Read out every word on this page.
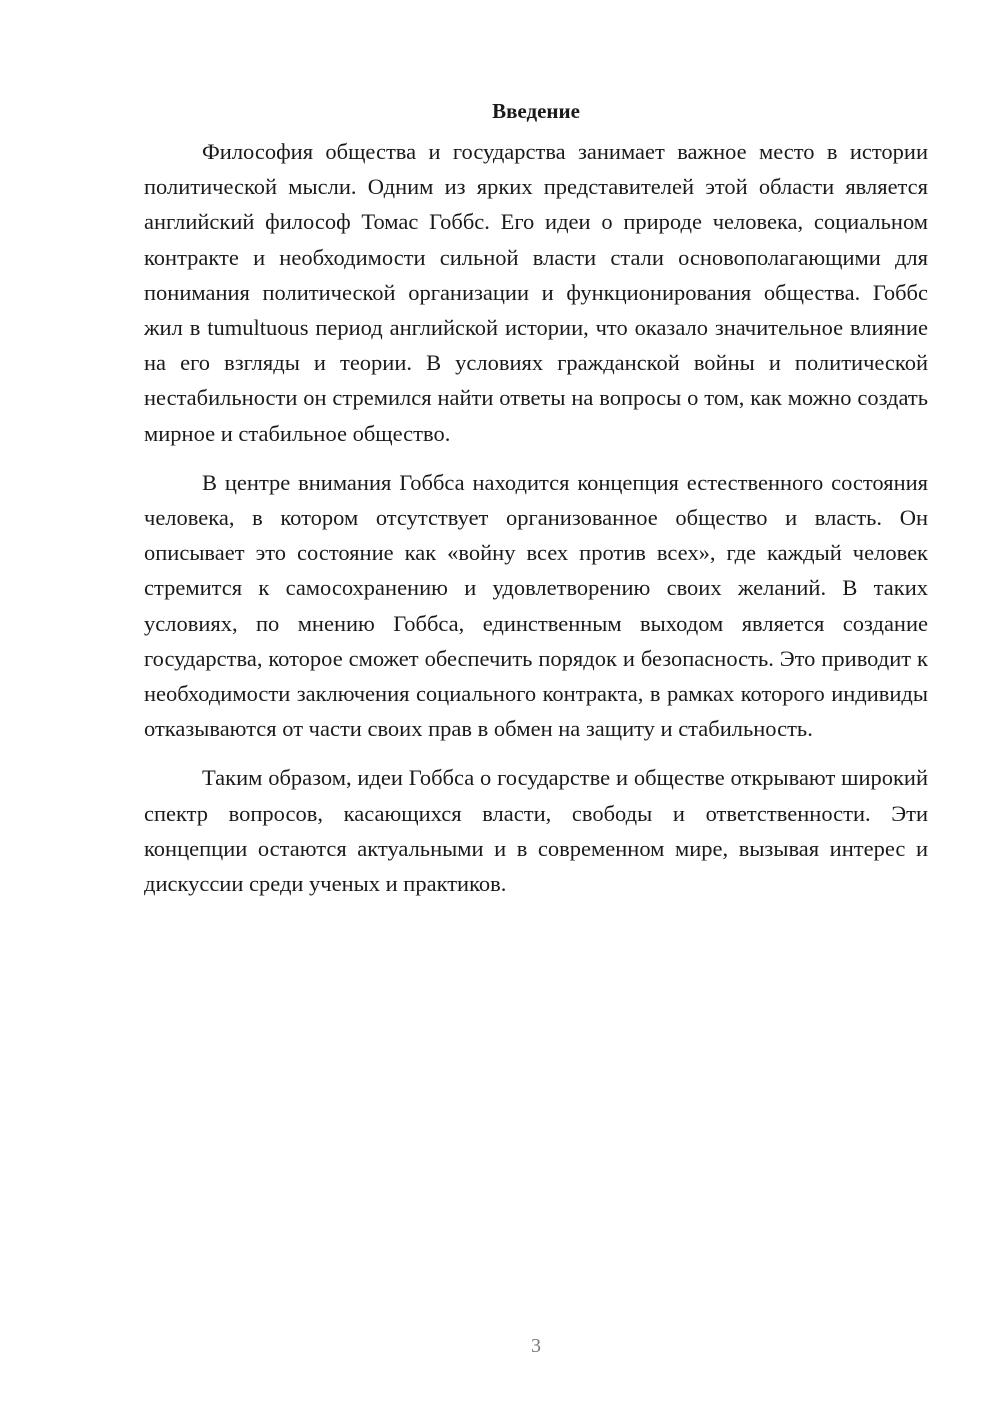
Введение

Философия общества и государства занимает важное место в истории политической мысли. Одним из ярких представителей этой области является английский философ Томас Гоббс. Его идеи о природе человека, социальном контракте и необходимости сильной власти стали основополагающими для понимания политической организации и функционирования общества. Гоббс жил в tumultuous период английской истории, что оказало значительное влияние на его взгляды и теории. В условиях гражданской войны и политической нестабильности он стремился найти ответы на вопросы о том, как можно создать мирное и стабильное общество.

В центре внимания Гоббса находится концепция естественного состояния человека, в котором отсутствует организованное общество и власть. Он описывает это состояние как «войну всех против всех», где каждый человек стремится к самосохранению и удовлетворению своих желаний. В таких условиях, по мнению Гоббса, единственным выходом является создание государства, которое сможет обеспечить порядок и безопасность. Это приводит к необходимости заключения социального контракта, в рамках которого индивиды отказываются от части своих прав в обмен на защиту и стабильность.

Таким образом, идеи Гоббса о государстве и обществе открывают широкий спектр вопросов, касающихся власти, свободы и ответственности. Эти концепции остаются актуальными и в современном мире, вызывая интерес и дискуссии среди ученых и практиков.

3
